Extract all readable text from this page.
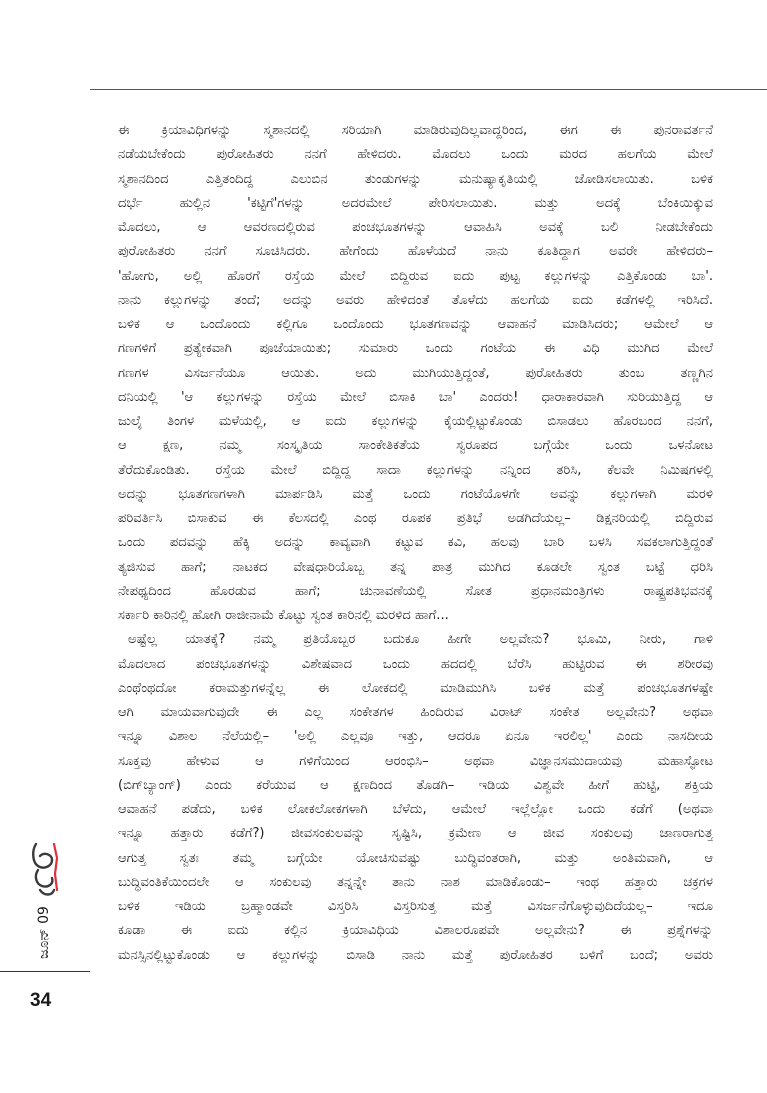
ಈ ಕ್ರಿಯಾವಿಧಿಗಳನ್ನು ಸ್ಮಶಾನದಲ್ಲಿ ಸರಿಯಾಗಿ ಮಾಡಿರುವುದಿಲ್ಲವಾದ್ದರಿಂದ, ಈಗ ಈ ಪುನರಾವರ್ತನೆ
ನಡೆಯಬೇಕೆಂದು ಪುರೋಹಿತರು ನನಗೆ ಹೇಳಿದರು. ಮೊದಲು ಒಂದು ಮರದ ಹಲಗೆಯ ಮೇಲೆ
ಸ್ಮಶಾನದಿಂದ ಎತ್ತಿತಂದಿದ್ದ ಎಲುಬಿನ ತುಂಡುಗಳನ್ನು ಮನುಷ್ಯಾಕೃತಿಯಲ್ಲಿ ಜೋಡಿಸಲಾಯಿತು. ಬಳಿಕ
ದರ್ಭೆ ಹುಲ್ಲಿನ 'ಕಟ್ಟಿಗೆ'ಗಳನ್ನು ಅದರಮೇಲೆ ಪೇರಿಸಲಾಯಿತು. ಮತ್ತು ಅದಕ್ಕೆ ಬೆಂಕಿಯಿಕ್ಕುವ
ಮೊದಲು, ಆ ಆವರಣದಲ್ಲಿರುವ ಪಂಚಭೂತಗಳನ್ನು ಆವಾಹಿಸಿ ಅವಕ್ಕೆ ಬಲಿ ನೀಡಬೇಕೆಂದು
ಪುರೋಹಿತರು ನನಗೆ ಸೂಚಿಸಿದರು. ಹೇಗೆಂದು ಹೊಳೆಯದೆ ನಾನು ಕೂತಿದ್ದಾಗ ಅವರೇ ಹೇಳಿದರು–
'ಹೋಗು, ಅಲ್ಲಿ ಹೊರಗೆ ರಸ್ತೆಯ ಮೇಲೆ ಬಿದ್ದಿರುವ ಐದು ಪುಟ್ಟ ಕಲ್ಲುಗಳನ್ನು ಎತ್ತಿಕೊಂಡು ಬಾ'.
ನಾನು ಕಲ್ಲುಗಳನ್ನು ತಂದೆ; ಅದನ್ನು ಅವರು ಹೇಳಿದಂತೆ ತೊಳೆದು ಹಲಗೆಯ ಐದು ಕಡೆಗಳಲ್ಲಿ ಇರಿಸಿದೆ.
ಬಳಿಕ ಆ ಒಂದೊಂದು ಕಲ್ಲಿಗೂ ಒಂದೊಂದು ಭೂತಗಣವನ್ನು ಆವಾಹನೆ ಮಾಡಿಸಿದರು; ಆಮೇಲೆ ಆ
ಗಣಗಳಿಗೆ ಪ್ರತ್ಯೇಕವಾಗಿ ಪೂಜೆಯಾಯಿತು; ಸುಮಾರು ಒಂದು ಗಂಟೆಯ ಈ ವಿಧಿ ಮುಗಿದ ಮೇಲೆ
ಗಣಗಳ ವಿಸರ್ಜನೆಯೂ ಆಯಿತು. ಅದು ಮುಗಿಯುತ್ತಿದ್ದಂತೆ, ಪುರೋಹಿತರು ತುಂಬ ತಣ್ಣಗಿನ
ದನಿಯಲ್ಲಿ 'ಆ ಕಲ್ಲುಗಳನ್ನು ರಸ್ತೆಯ ಮೇಲೆ ಬಿಸಾಕಿ ಬಾ' ಎಂದರು! ಧಾರಾಕಾರವಾಗಿ ಸುರಿಯುತ್ತಿದ್ದ ಆ
ಜುಲೈ ತಿಂಗಳ ಮಳೆಯಲ್ಲಿ, ಆ ಐದು ಕಲ್ಲುಗಳನ್ನು ಕೈಯಲ್ಲಿಟ್ಟುಕೊಂಡು ಬಿಸಾಡಲು ಹೊರಬಂದ ನನಗೆ,
ಆ ಕ್ಷಣ, ನಮ್ಮ ಸಂಸ್ಕೃತಿಯ ಸಾಂಕೇತಿಕತೆಯ ಸ್ವರೂಪದ ಬಗ್ಗೆಯೇ ಒಂದು ಒಳನೋಟ
ತೆರೆದುಕೊಂಡಿತು. ರಸ್ತೆಯ ಮೇಲೆ ಬಿದ್ದಿದ್ದ ಸಾದಾ ಕಲ್ಲುಗಳನ್ನು ನನ್ನಿಂದ ತರಿಸಿ, ಕೆಲವೇ ನಿಮಿಷಗಳಲ್ಲಿ
ಅದನ್ನು ಭೂತಗಣಗಳಾಗಿ ಮಾರ್ಪಡಿಸಿ ಮತ್ತೆ ಒಂದು ಗಂಟೆಯೊಳಗೇ ಅವನ್ನು ಕಲ್ಲುಗಳಾಗಿ ಮರಳಿ
ಪರಿವರ್ತಿಸಿ ಬಿಸಾಕುವ ಈ ಕೆಲಸದಲ್ಲಿ ಎಂಥ ರೂಪಕ ಪ್ರತಿಭೆ ಅಡಗಿದೆಯಲ್ಲ– ಡಿಕ್ಷನರಿಯಲ್ಲಿ ಬಿದ್ದಿರುವ
ಒಂದು ಪದವನ್ನು ಹೆಕ್ಕಿ ಅದನ್ನು ಕಾವ್ಯವಾಗಿ ಕಟ್ಟುವ ಕವಿ, ಹಲವು ಬಾರಿ ಬಳಸಿ ಸವಕಲಾಗುತ್ತಿದ್ದಂತೆ
ತ್ಯಜಿಸುವ ಹಾಗೆ; ನಾಟಕದ ವೇಷಧಾರಿಯೊಬ್ಬ ತನ್ನ ಪಾತ್ರ ಮುಗಿದ ಕೂಡಲೇ ಸ್ವಂತ ಬಟ್ಟೆ ಧರಿಸಿ
ನೇಪಥ್ಯದಿಂದ ಹೊರಡುವ ಹಾಗೆ; ಚುನಾವಣೆಯಲ್ಲಿ ಸೋತ ಪ್ರಧಾನಮಂತ್ರಿಗಳು ರಾಷ್ಟ್ರಪತಿಭವನಕ್ಕೆ
ಸರ್ಕಾರಿ ಕಾರಿನಲ್ಲಿ ಹೋಗಿ ರಾಜೀನಾಮೆ ಕೊಟ್ಟು ಸ್ವಂತ ಕಾರಿನಲ್ಲಿ ಮರಳಿದ ಹಾಗೆ...
ಅಷ್ಟೆಲ್ಲ ಯಾತಕ್ಕೆ? ನಮ್ಮ ಪ್ರತಿಯೊಬ್ಬರ ಬದುಕೂ ಹೀಗೇ ಅಲ್ಲವೇನು? ಭೂಮಿ, ನೀರು, ಗಾಳಿ
ಮೊದಲಾದ ಪಂಚಭೂತಗಳನ್ನು ವಿಶೇಷವಾದ ಒಂದು ಹದದಲ್ಲಿ ಬೆರೆಸಿ ಹುಟ್ಟಿರುವ ಈ ಶರೀರವು
ಎಂಥೆಂಥದೋ ಕರಾಮತ್ತುಗಳನ್ನೆಲ್ಲ ಈ ಲೋಕದಲ್ಲಿ ಮಾಡಿಮುಗಿಸಿ ಬಳಿಕ ಮತ್ತೆ ಪಂಚಭೂತಗಳಷ್ಟೇ
ಆಗಿ ಮಾಯವಾಗುವುದೇ ಈ ಎಲ್ಲ ಸಂಕೇತಗಳ ಹಿಂದಿರುವ ವಿರಾಟ್ ಸಂಕೇತ ಅಲ್ಲವೇನು? ಅಥವಾ
ಇನ್ನೂ ವಿಶಾಲ ನೆಲೆಯಲ್ಲಿ– 'ಅಲ್ಲಿ ಎಲ್ಲವೂ ಇತ್ತು, ಆದರೂ ಏನೂ ಇರಲಿಲ್ಲ' ಎಂದು ನಾಸದೀಯ
ಸೂಕ್ತವು ಹೇಳುವ ಆ ಗಳಿಗೆಯಿಂದ ಆರಂಭಿಸಿ– ಅಥವಾ ವಿಜ್ಞಾನಸಮುದಾಯವು ಮಹಾಸ್ಫೋಟ
(ಬಿಗ್‌ಬ್ಯಾಂಗ್) ಎಂದು ಕರೆಯುವ ಆ ಕ್ಷಣದಿಂದ ತೊಡಗಿ– ಇಡಿಯ ವಿಶ್ವವೇ ಹೀಗೆ ಹುಟ್ಟಿ, ಶಕ್ತಿಯ
ಆವಾಹನೆ ಪಡೆದು, ಬಳಿಕ ಲೋಕಲೋಕಗಳಾಗಿ ಬೆಳೆದು, ಆಮೇಲೆ ಇಲ್ಲೆಲ್ಲೋ ಒಂದು ಕಡೆಗೆ (ಅಥವಾ
ಇನ್ನೂ ಹತ್ತಾರು ಕಡೆಗೆ?) ಜೀವಸಂಕುಲವನ್ನು ಸೃಷ್ಟಿಸಿ, ಕ್ರಮೇಣ ಆ ಜೀವ ಸಂಕುಲವು ಜಾಣರಾಗುತ್ತ
ಆಗುತ್ತ ಸ್ವತಃ ತಮ್ಮ ಬಗ್ಗೆಯೇ ಯೋಚಿಸುವಷ್ಟು ಬುದ್ಧಿವಂತರಾಗಿ, ಮತ್ತು ಅಂತಿಮವಾಗಿ, ಆ
ಬುದ್ಧಿವಂತಿಕೆಯಿಂದಲೇ ಆ ಸಂಕುಲವು ತನ್ನನ್ನೇ ತಾನು ನಾಶ ಮಾಡಿಕೊಂಡು– ಇಂಥ ಹತ್ತಾರು ಚಕ್ರಗಳ
ಬಳಿಕ ಇಡಿಯ ಬ್ರಹ್ಮಾಂಡವೇ ವಿಸ್ತರಿಸಿ ವಿಸ್ತರಿಸುತ್ತ ಮತ್ತೆ ವಿಸರ್ಜನೆಗೊಳ್ಳುವುದಿದೆಯಲ್ಲ– ಇದೂ
ಕೂಡಾ ಈ ಐದು ಕಲ್ಲಿನ ಕ್ರಿಯಾವಿಧಿಯ ವಿಶಾಲರೂಪವೇ ಅಲ್ಲವೇನು? ಈ ಪ್ರಶ್ನೆಗಳನ್ನು
ಮನಸ್ಸಿನಲ್ಲಿಟ್ಟುಕೊಂಡು ಆ ಕಲ್ಲುಗಳನ್ನು ಬಿಸಾಡಿ ನಾನು ಮತ್ತೆ ಪುರೋಹಿತರ ಬಳಿಗೆ ಬಂದೆ; ಅವರು
ಜೂನ್ 09
34
